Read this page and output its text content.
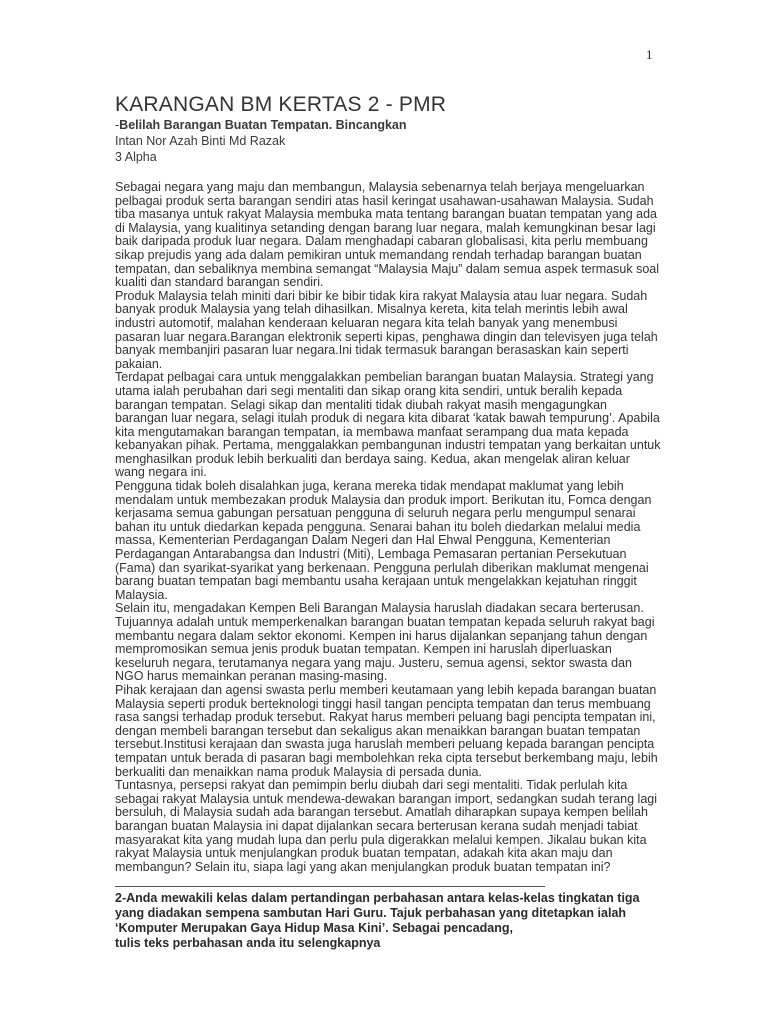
1
KARANGAN BM KERTAS 2 - PMR
-Belilah Barangan Buatan Tempatan. Bincangkan
Intan Nor Azah Binti Md Razak
3 Alpha

Sebagai negara yang maju dan membangun, Malaysia sebenarnya telah berjaya mengeluarkan pelbagai produk serta barangan sendiri atas hasil keringat usahawan-usahawan Malaysia. Sudah tiba masanya untuk rakyat Malaysia membuka mata tentang barangan buatan tempatan yang ada di Malaysia, yang kualitinya setanding dengan barang luar negara, malah kemungkinan besar lagi baik daripada produk luar negara. Dalam menghadapi cabaran globalisasi, kita perlu membuang sikap prejudis yang ada dalam pemikiran untuk memandang rendah terhadap barangan buatan tempatan, dan sebaliknya membina semangat “Malaysia Maju” dalam semua aspek termasuk soal kualiti dan standard barangan sendiri.

Produk Malaysia telah miniti dari bibir ke bibir tidak kira rakyat Malaysia atau luar negara. Sudah banyak produk Malaysia yang telah dihasilkan. Misalnya kereta, kita telah merintis lebih awal industri automotif, malahan kenderaan keluaran negara kita telah banyak yang menembusi pasaran luar negara.Barangan elektronik seperti kipas, penghawa dingin dan televisyen juga telah banyak membanjiri pasaran luar negara.Ini tidak termasuk barangan berasaskan kain seperti pakaian.

Terdapat pelbagai cara untuk menggalakkan pembelian barangan buatan Malaysia. Strategi yang utama ialah perubahan dari segi mentaliti dan sikap orang kita sendiri, untuk beralih kepada barangan tempatan. Selagi sikap dan mentaliti tidak diubah rakyat masih mengagungkan barangan luar negara, selagi itulah produk di negara kita dibarat ‘katak bawah tempurung’. Apabila kita mengutamakan barangan tempatan, ia membawa manfaat serampang dua mata kepada kebanyakan pihak. Pertama, menggalakkan pembangunan industri tempatan yang berkaitan untuk menghasilkan produk lebih berkualiti dan berdaya saing. Kedua, akan mengelak aliran keluar wang negara ini.

Pengguna tidak boleh disalahkan juga, kerana mereka tidak mendapat maklumat yang lebih mendalam untuk membezakan produk Malaysia dan produk import. Berikutan itu, Fomca dengan kerjasama semua gabungan persatuan pengguna di seluruh negara perlu mengumpul senarai bahan itu untuk diedarkan kepada pengguna. Senarai bahan itu boleh diedarkan melalui media massa, Kementerian Perdagangan Dalam Negeri dan Hal Ehwal Pengguna, Kementerian Perdagangan Antarabangsa dan Industri (Miti), Lembaga Pemasaran pertanian Persekutuan (Fama) dan syarikat-syarikat yang berkenaan. Pengguna perlulah diberikan maklumat mengenai barang buatan tempatan bagi membantu usaha kerajaan untuk mengelakkan kejatuhan ringgit Malaysia.

Selain itu, mengadakan Kempen Beli Barangan Malaysia haruslah diadakan secara berterusan. Tujuannya adalah untuk memperkenalkan barangan buatan tempatan kepada seluruh rakyat bagi membantu negara dalam sektor ekonomi. Kempen ini harus dijalankan sepanjang tahun dengan mempromosikan semua jenis produk buatan tempatan. Kempen ini haruslah diperluaskan keseluruh negara, terutamanya negara yang maju. Justeru, semua agensi, sektor swasta dan NGO harus memainkan peranan masing-masing.

Pihak kerajaan dan agensi swasta perlu memberi keutamaan yang lebih kepada barangan buatan Malaysia seperti produk berteknologi tinggi hasil tangan pencipta tempatan dan terus membuang rasa sangsi terhadap produk tersebut. Rakyat harus memberi peluang bagi pencipta tempatan ini, dengan membeli barangan tersebut dan sekaligus akan menaikkan barangan buatan tempatan tersebut.Institusi kerajaan dan swasta juga haruslah memberi peluang kepada barangan pencipta tempatan untuk berada di pasaran bagi membolehkan reka cipta tersebut berkembang maju, lebih berkualiti dan menaikkan nama produk Malaysia di persada dunia.

Tuntasnya, persepsi rakyat dan pemimpin berlu diubah dari segi mentaliti. Tidak perlulah kita sebagai rakyat Malaysia untuk mendewa-dewakan barangan import, sedangkan sudah terang lagi bersuluh, di Malaysia sudah ada barangan tersebut. Amatlah diharapkan supaya kempen belilah barangan buatan Malaysia ini dapat dijalankan secara berterusan kerana sudah menjadi tabiat masyarakat kita yang mudah lupa dan perlu pula digerakkan melalui kempen. Jikalau bukan kita rakyat Malaysia untuk menjulangkan produk buatan tempatan, adakah kita akan maju dan membangun? Selain itu, siapa lagi yang akan menjulangkan produk buatan tempatan ini?

2-Anda mewakili kelas dalam pertandingan perbahasan antara kelas-kelas tingkatan tiga yang diadakan sempena sambutan Hari Guru. Tajuk perbahasan yang ditetapkan ialah ‘Komputer Merupakan Gaya Hidup Masa Kini’. Sebagai pencadang,
tulis teks perbahasan anda itu selengkapnya
